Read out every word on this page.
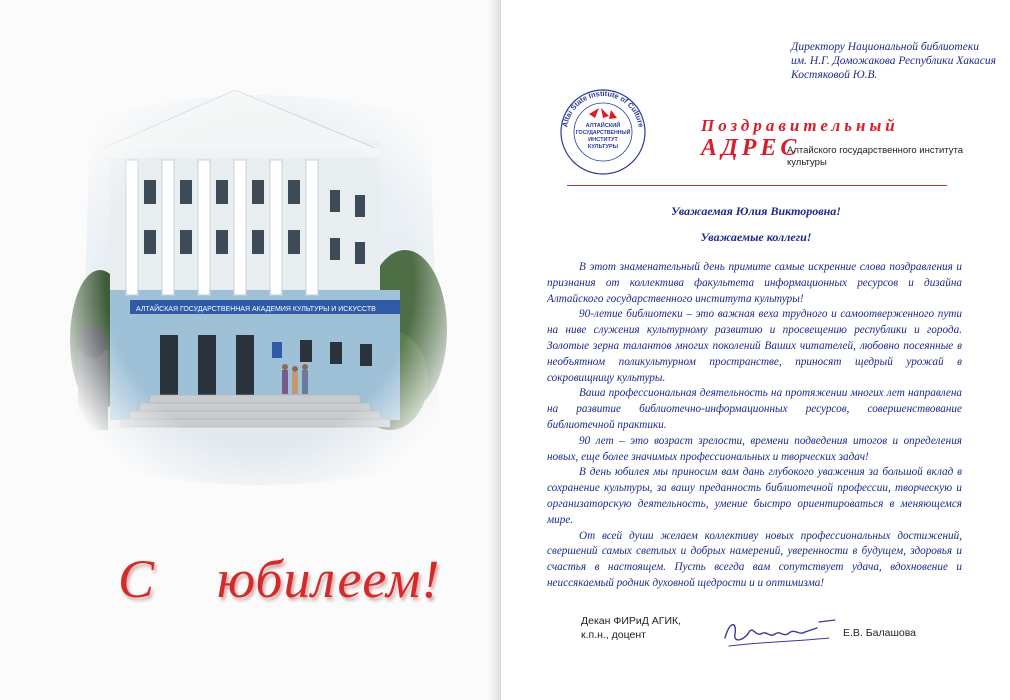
С юбилеем!
Директору Национальной библиотеки
им. Н.Г. Доможакова Республики Хакасия
Костяковой Ю.В.
Altai State Institute of Culture
АЛТАЙСКИЙ
ГОСУДАРСТВЕННЫЙ
ИНСТИТУТ
КУЛЬТУРЫ
Поздравительный
АДРЕС
Алтайского государственного института культуры
Уважаемая Юлия Викторовна!
Уважаемые коллеги!

В этот знаменательный день примите самые искренние слова поздравления и признания от коллектива факультета информационных ресурсов и дизайна Алтайского государственного института культуры!

90-летие библиотеки – это важная веха трудного и самоотверженного пути на ниве служения культурному развитию и просвещению республики и города. Золотые зерна талантов многих поколений Ваших читателей, любовно посеянные в необъятном поликультурном пространстве, приносят щедрый урожай в сокровищницу культуры.

Ваша профессиональная деятельность на протяжении многих лет направлена на развитие библиотечно-информационных ресурсов, совершенствование библиотечной практики.

90 лет – это возраст зрелости, времени подведения итогов и определения новых, еще более значимых профессиональных и творческих задач!

В день юбилея мы приносим вам дань глубокого уважения за большой вклад в сохранение культуры, за вашу преданность библиотечной профессии, творческую и организаторскую деятельность, умение быстро ориентироваться в меняющемся мире.

От всей души желаем коллективу новых профессиональных достижений, свершений самых светлых и добрых намерений, уверенности в будущем, здоровья и счастья в настоящем. Пусть всегда вам сопутствует удача, вдохновение и неиссякаемый родник духовной щедрости и и оптимизма!

Декан ФИРиД АГИК,
к.п.н., доцент	Е.В. Балашова
